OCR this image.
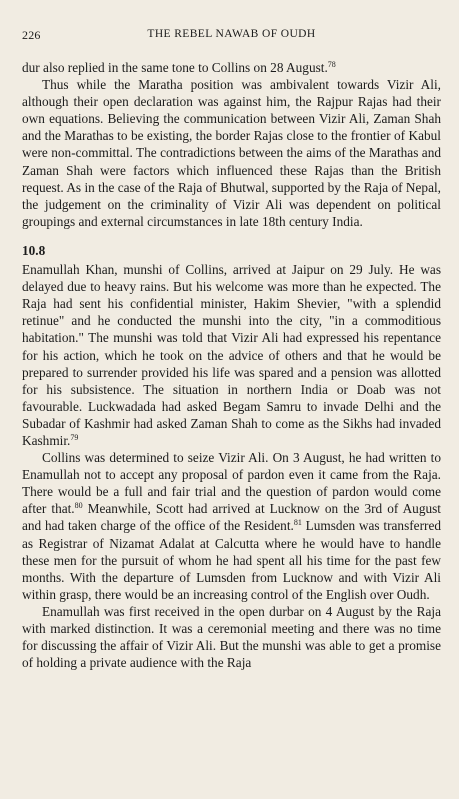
226	THE REBEL NAWAB OF OUDH

dur also replied in the same tone to Collins on 28 August.$^{78}$

Thus while the Maratha position was ambivalent towards Vizir Ali, although their open declaration was against him, the Rajpur Rajas had their own equations. Believing the communication between Vizir Ali, Zaman Shah and the Marathas to be existing, the border Rajas close to the frontier of Kabul were non-committal. The contradictions between the aims of the Marathas and Zaman Shah were factors which influenced these Rajas than the British request. As in the case of the Raja of Bhutwal, supported by the Raja of Nepal, the judgement on the criminality of Vizir Ali was dependent on political groupings and external circumstances in late 18th century India.

10.8

Enamullah Khan, munshi of Collins, arrived at Jaipur on 29 July. He was delayed due to heavy rains. But his welcome was more than he expected. The Raja had sent his confidential minister, Hakim Shevier, "with a splendid retinue" and he conducted the munshi into the city, "in a commoditious habitation." The munshi was told that Vizir Ali had expressed his repentance for his action, which he took on the advice of others and that he would be prepared to surrender provided his life was spared and a pension was allotted for his subsistence. The situation in northern India or Doab was not favourable. Luckwadada had asked Begam Samru to invade Delhi and the Subadar of Kashmir had asked Zaman Shah to come as the Sikhs had invaded Kashmir.$^{79}$

Collins was determined to seize Vizir Ali. On 3 August, he had written to Enamullah not to accept any proposal of pardon even it came from the Raja. There would be a full and fair trial and the question of pardon would come after that.$^{80}$ Meanwhile, Scott had arrived at Lucknow on the 3rd of August and had taken charge of the office of the Resident.$^{81}$ Lumsden was transferred as Registrar of Nizamat Adalat at Calcutta where he would have to handle these men for the pursuit of whom he had spent all his time for the past few months. With the departure of Lumsden from Lucknow and with Vizir Ali within grasp, there would be an increasing control of the English over Oudh.

Enamullah was first received in the open durbar on 4 August by the Raja with marked distinction. It was a ceremonial meeting and there was no time for discussing the affair of Vizir Ali. But the munshi was able to get a promise of holding a private audience with the Raja
